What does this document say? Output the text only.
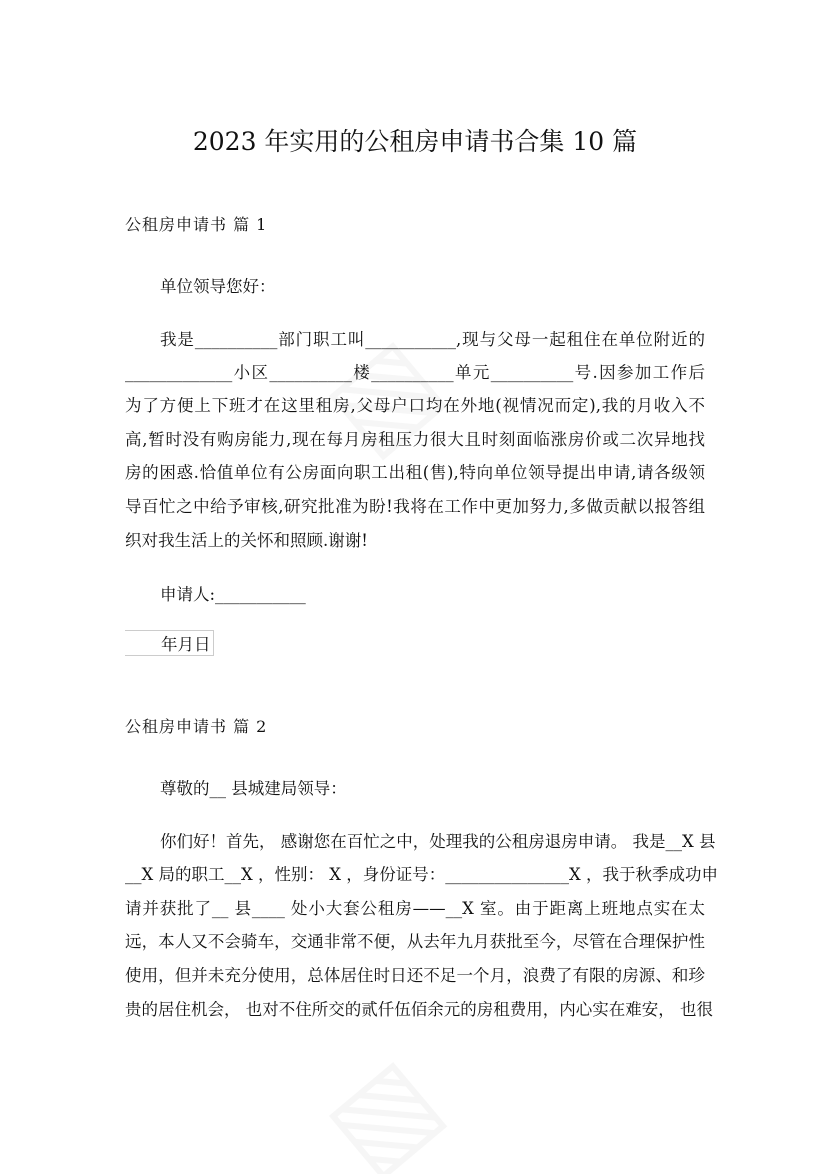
2023 年实用的公租房申请书合集 10 篇
公租房申请书 篇 1
单位领导您好：
我是__________部门职工叫___________,现与父母一起租住在单位附近的
_____________小区__________楼__________单元__________号.因参加工作后
为了方便上下班才在这里租房,父母户口均在外地(视情况而定),我的月收入不
高,暂时没有购房能力,现在每月房租压力很大且时刻面临涨房价或二次异地找
房的困惑.恰值单位有公房面向职工出租(售),特向单位领导提出申请,请各级领
导百忙之中给予审核,研究批准为盼!我将在工作中更加努力,多做贡献以报答组
织对我生活上的关怀和照顾.谢谢!
申请人:___________
年月日
公租房申请书 篇 2
尊敬的__ 县城建局领导：
你们好！首先， 感谢您在百忙之中，处理我的公租房退房申请。 我是__X 县
__X 局的职工__X ，性别： X ，身份证号：_______________X ，我于秋季成功申
请并获批了__ 县____ 处小大套公租房——__X 室。由于距离上班地点实在太
远，本人又不会骑车，交通非常不便，从去年九月获批至今，尽管在合理保护性
使用，但并未充分使用，总体居住时日还不足一个月，浪费了有限的房源、和珍
贵的居住机会， 也对不住所交的贰仟伍佰余元的房租费用，内心实在难安， 也很
